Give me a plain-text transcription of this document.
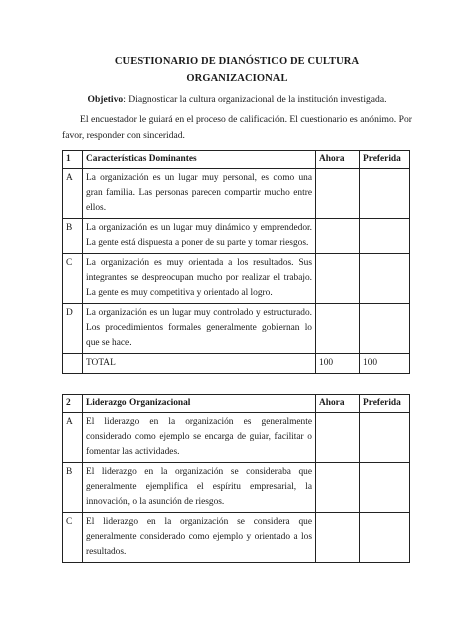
CUESTIONARIO DE DIANÓSTICO DE CULTURA
ORGANIZACIONAL
Objetivo: Diagnosticar la cultura organizacional de la institución investigada.
El encuestador le guiará en el proceso de calificación. El cuestionario es anónimo. Por favor, responder con sinceridad.
1	Características Dominantes	Ahora	Preferida
A	La organización es un lugar muy personal, es como una gran familia. Las personas parecen compartir mucho entre ellos.		
B	La organización es un lugar muy dinámico y emprendedor. La gente está dispuesta a poner de su parte y tomar riesgos.		
C	La organización es muy orientada a los resultados. Sus integrantes se despreocupan mucho por realizar el trabajo. La gente es muy competitiva y orientado al logro.		
D	La organización es un lugar muy controlado y estructurado. Los procedimientos formales generalmente gobiernan lo que se hace.		
	TOTAL	100	100
2	Liderazgo Organizacional	Ahora	Preferida
A	El liderazgo en la organización es generalmente considerado como ejemplo se encarga de guiar, facilitar o fomentar las actividades.		
B	El liderazgo en la organización se consideraba que generalmente ejemplifica el espíritu empresarial, la innovación, o la asunción de riesgos.		
C	El liderazgo en la organización se considera que generalmente considerado como ejemplo y orientado a los resultados.		
